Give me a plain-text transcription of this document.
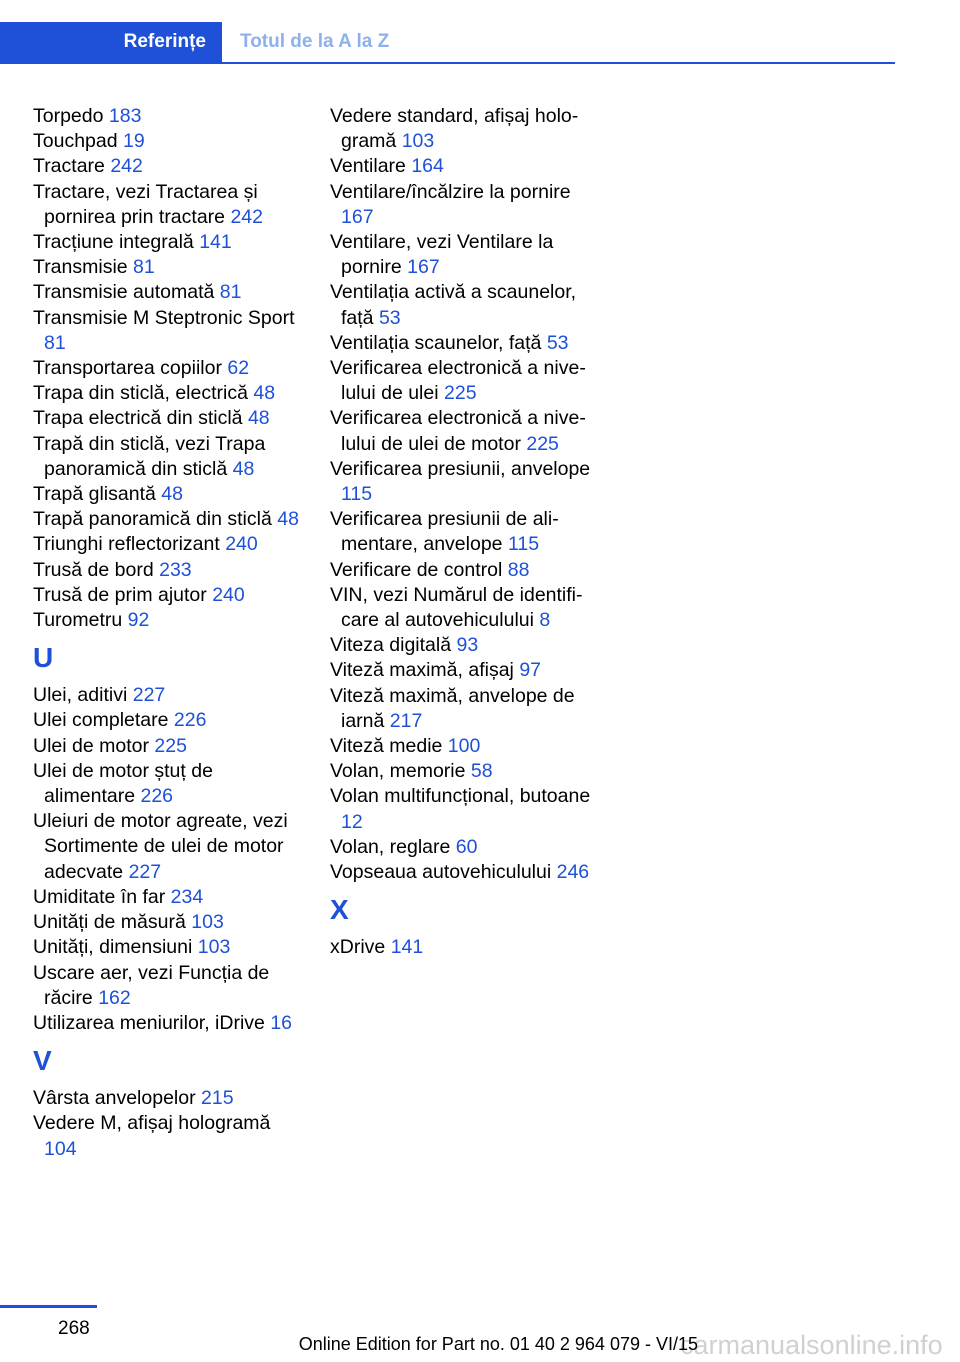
Referințe Totul de la A la Z
Torpedo 183
Touchpad 19
Tractare 242
Tractare, vezi Tractarea și pornirea prin tractare 242
Tracțiune integrală 141
Transmisie 81
Transmisie automată 81
Transmisie M Steptronic Sport 81
Transportarea copiilor 62
Trapa din sticlă, electrică 48
Trapa electrică din sticlă 48
Trapă din sticlă, vezi Trapa panoramică din sticlă 48
Trapă glisantă 48
Trapă panoramică din sticlă 48
Triunghi reflectorizant 240
Trusă de bord 233
Trusă de prim ajutor 240
Turometru 92
U
Ulei, aditivi 227
Ulei completare 226
Ulei de motor 225
Ulei de motor ștuț de alimentare 226
Uleiuri de motor agreate, vezi Sortimente de ulei de motor adecvate 227
Umiditate în far 234
Unități de măsură 103
Unități, dimensiuni 103
Uscare aer, vezi Funcția de răcire 162
Utilizarea meniurilor, iDrive 16
V
Vârsta anvelopelor 215
Vedere M, afișaj hologramă 104
Vedere standard, afișaj hologramă 103
Ventilare 164
Ventilare/încălzire la pornire 167
Ventilare, vezi Ventilare la pornire 167
Ventilația activă a scaunelor, față 53
Ventilația scaunelor, față 53
Verificarea electronică a nivelului de ulei 225
Verificarea electronică a nivelului de ulei de motor 225
Verificarea presiunii, anvelope 115
Verificarea presiunii de alimentare, anvelope 115
Verificare de control 88
VIN, vezi Numărul de identificare al autovehiculului 8
Viteza digitală 93
Viteză maximă, afișaj 97
Viteză maximă, anvelope de iarnă 217
Viteză medie 100
Volan, memorie 58
Volan multifuncțional, butoane 12
Volan, reglare 60
Vopseaua autovehiculului 246
X
xDrive 141
268
carmanualsonline.info
Online Edition for Part no. 01 40 2 964 079 - VI/15
